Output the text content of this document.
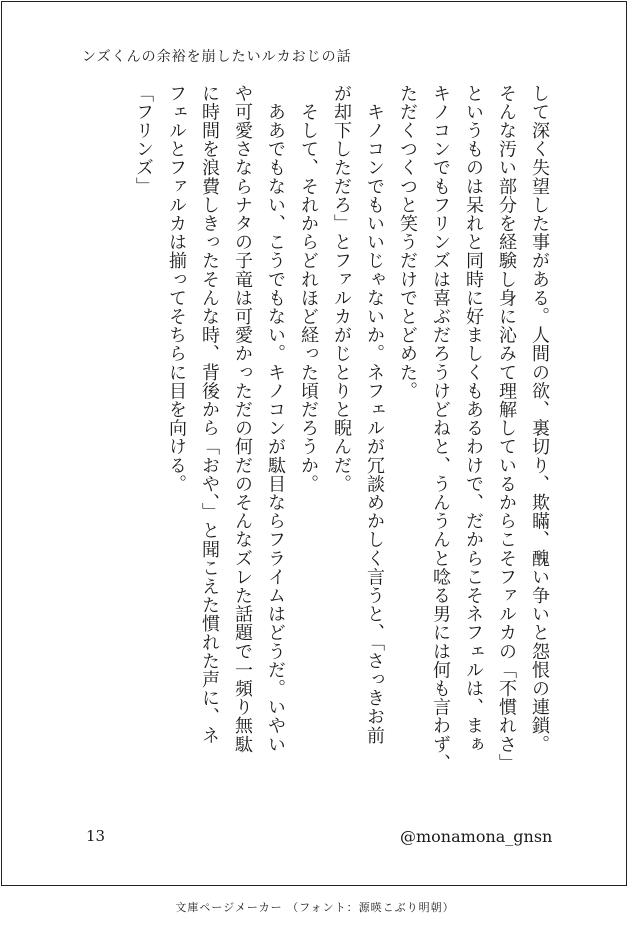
ンズくんの余裕を崩したいルカおじの話

して深く失望した事がある。人間の欲、裏切り、欺瞞、醜い争いと怨恨の連鎖。

そんな汚い部分を経験し身に沁みて理解しているからこそファルカの「不慣れさ」

というものは呆れと同時に好ましくもあるわけで、だからこそネフェルは、まぁ

キノコンでもフリンズは喜ぶだろうけどねと、うんうんと唸る男には何も言わず、

ただくつくつと笑うだけでとどめた。

　キノコンでもいいじゃないか。ネフェルが冗談めかしく言うと、「さっきお前

が却下しただろ」とファルカがじとりと睨んだ。

　そして、それからどれほど経った頃だろうか。

　ああでもない、こうでもない。キノコンが駄目ならフライムはどうだ。いやい

や可愛さならナタの子竜は可愛かっただの何だのそんなズレた話題で一頻り無駄

に時間を浪費しきったそんな時、背後から「おや、」と聞こえた慣れた声に、ネ

フェルとファルカは揃ってそちらに目を向ける。

「フリンズ」

13	@monamona_gnsn
文庫ページメーカー （フォント：源暎こぶり明朝）
